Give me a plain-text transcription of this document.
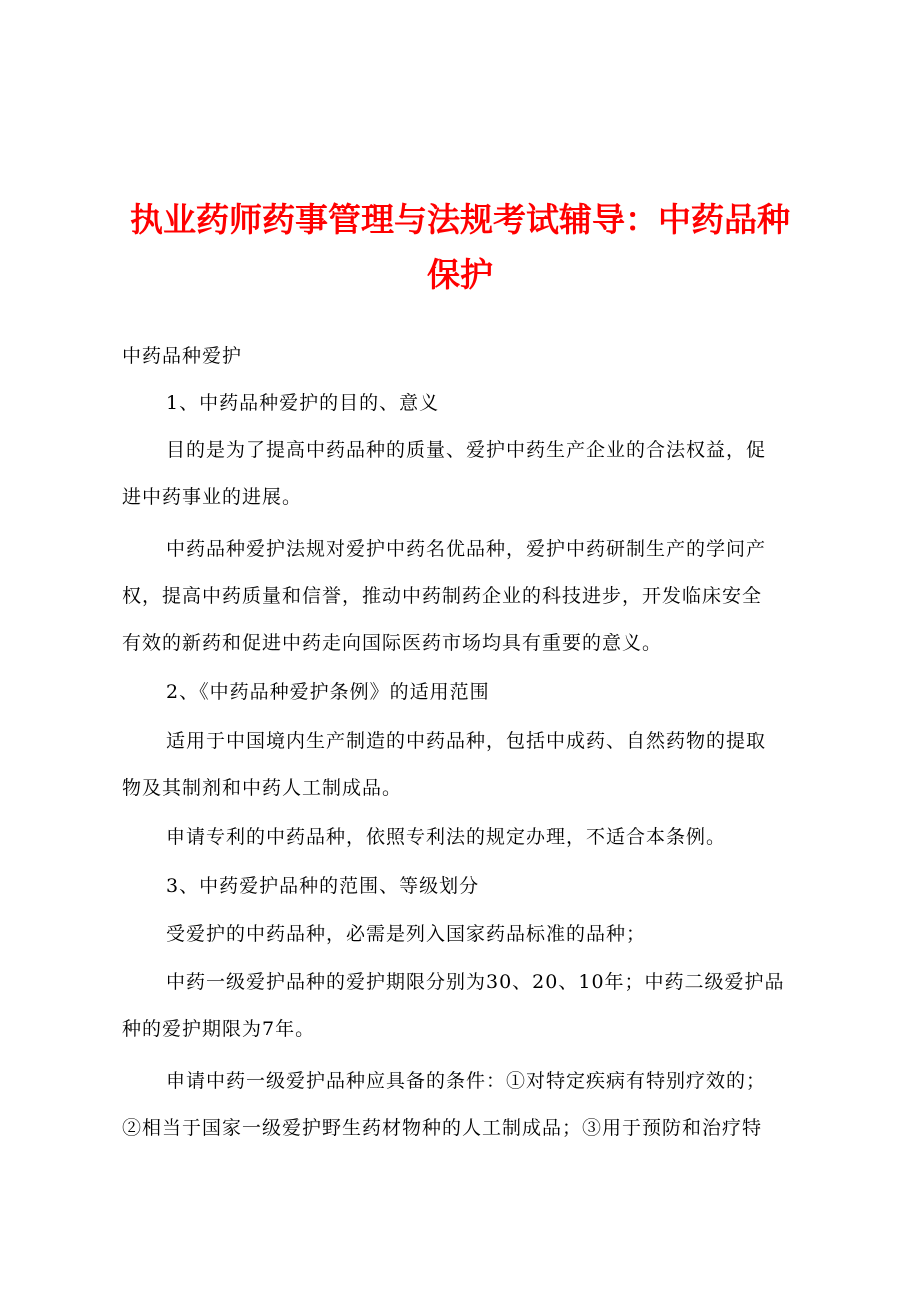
执业药师药事管理与法规考试辅导：中药品种
保护
中药品种爱护
1、中药品种爱护的目的、意义
目的是为了提高中药品种的质量、爱护中药生产企业的合法权益，促
进中药事业的进展。
中药品种爱护法规对爱护中药名优品种，爱护中药研制生产的学问产
权，提高中药质量和信誉，推动中药制药企业的科技进步，开发临床安全
有效的新药和促进中药走向国际医药市场均具有重要的意义。
2、《中药品种爱护条例》的适用范围
适用于中国境内生产制造的中药品种，包括中成药、自然药物的提取
物及其制剂和中药人工制成品。
申请专利的中药品种，依照专利法的规定办理，不适合本条例。
3、中药爱护品种的范围、等级划分
受爱护的中药品种，必需是列入国家药品标准的品种；
中药一级爱护品种的爱护期限分别为30、20、10年；中药二级爱护品
种的爱护期限为7年。
申请中药一级爱护品种应具备的条件：①对特定疾病有特别疗效的；
②相当于国家一级爱护野生药材物种的人工制成品；③用于预防和治疗特
